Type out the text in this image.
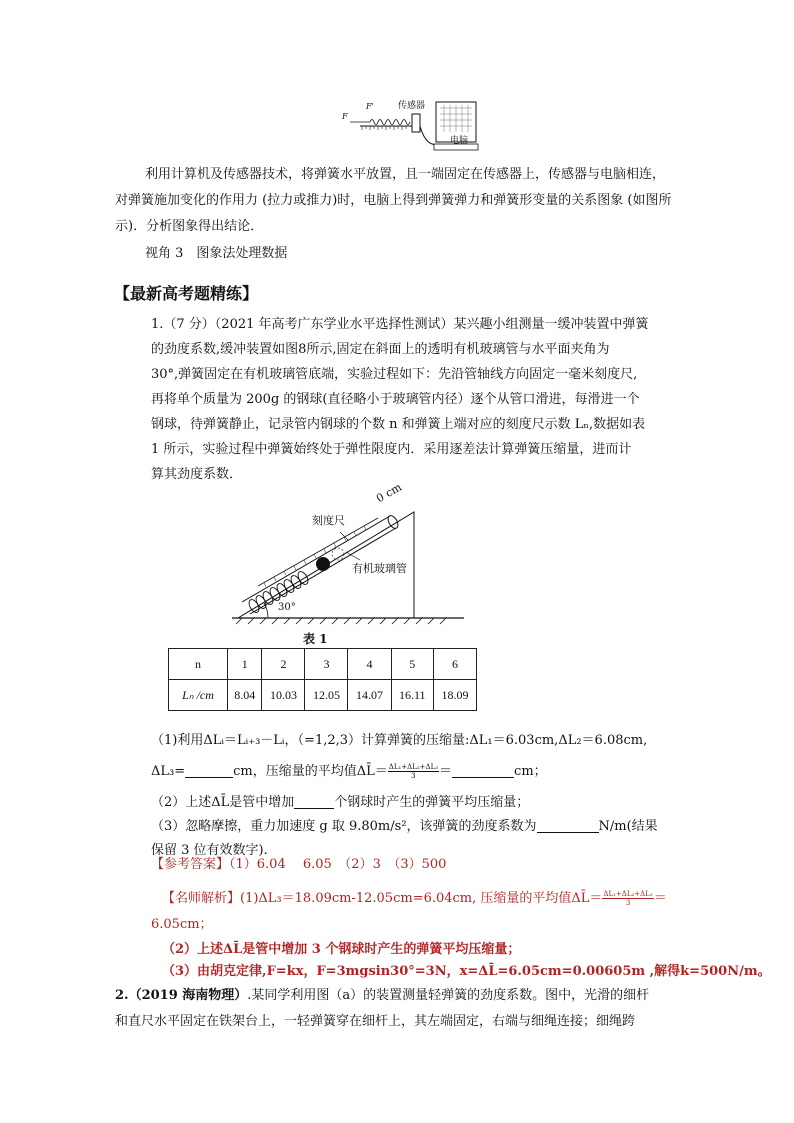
F
F'	传感器
电脑
利用计算机及传感器技术，将弹簧水平放置，且一端固定在传感器上，传感器与电脑相连，
对弹簧施加变化的作用力 (拉力或推力)时，电脑上得到弹簧弹力和弹簧形变量的关系图象 (如图所
示)．分析图象得出结论．
视角 3　图象法处理数据
【最新高考题精练】
1.（7 分）（2021 年高考广东学业水平选择性测试）某兴趣小组测量一缓冲装置中弹簧
的劲度系数,缓冲装置如图8所示,固定在斜面上的透明有机玻璃管与水平面夹角为
30°,弹簧固定在有机玻璃管底端，实验过程如下：先沿管轴线方向固定一毫米刻度尺,
再将单个质量为 200g 的钢球(直径略小于玻璃管内径）逐个从管口滑进，每滑进一个
钢球，待弹簧静止，记录管内钢球的个数 n 和弹簧上端对应的刻度尺示数 Lₙ,数据如表
1 所示，实验过程中弹簧始终处于弹性限度内．采用逐差法计算弹簧压缩量，进而计
算其劲度系数．
刻度尺
0 cm
有机玻璃管
30°
表 1
n	1	2	3	4	5	6
Lₙ /cm	8.04	10.03	12.05	14.07	16.11	18.09
（1)利用ΔLᵢ＝Lᵢ₊₃－Lᵢ，（=1,2,3）计算弹簧的压缩量:ΔL₁＝6.03cm,ΔL₂＝6.08cm,
ΔL₃=	cm，压缩量的平均值ΔL̄＝ $\frac{\text{ΔL₁+ΔL₂+ΔL₃}}{3}$ ＝	cm；
（2）上述ΔL̄是管中增加	个钢球时产生的弹簧平均压缩量；
（3）忽略摩擦，重力加速度 g 取 9.80m/s²，该弹簧的劲度系数为	N/m(结果
保留 3 位有效数字).
【参考答案】（1）6.04　 6.05　（2）3　（3）500
【名师解析】(1)ΔL₃＝18.09cm-12.05cm=6.04cm, 压缩量的平均值ΔL̄＝ $\frac{\text{ΔL₁+ΔL₂+ΔL₃}}{3}$ ＝
6.05cm；
（2）上述ΔL̄是管中增加 3 个钢球时产生的弹簧平均压缩量；
（3）由胡克定律,F=kx，F=3mgsin30°=3N，x=ΔL̄=6.05cm=0.00605m ,解得k=500N/m。
2.（2019 海南物理）.某同学利用图（a）的装置测量轻弹簧的劲度系数。图中，光滑的细杆
和直尺水平固定在铁架台上，一轻弹簧穿在细杆上，其左端固定，右端与细绳连接；细绳跨
